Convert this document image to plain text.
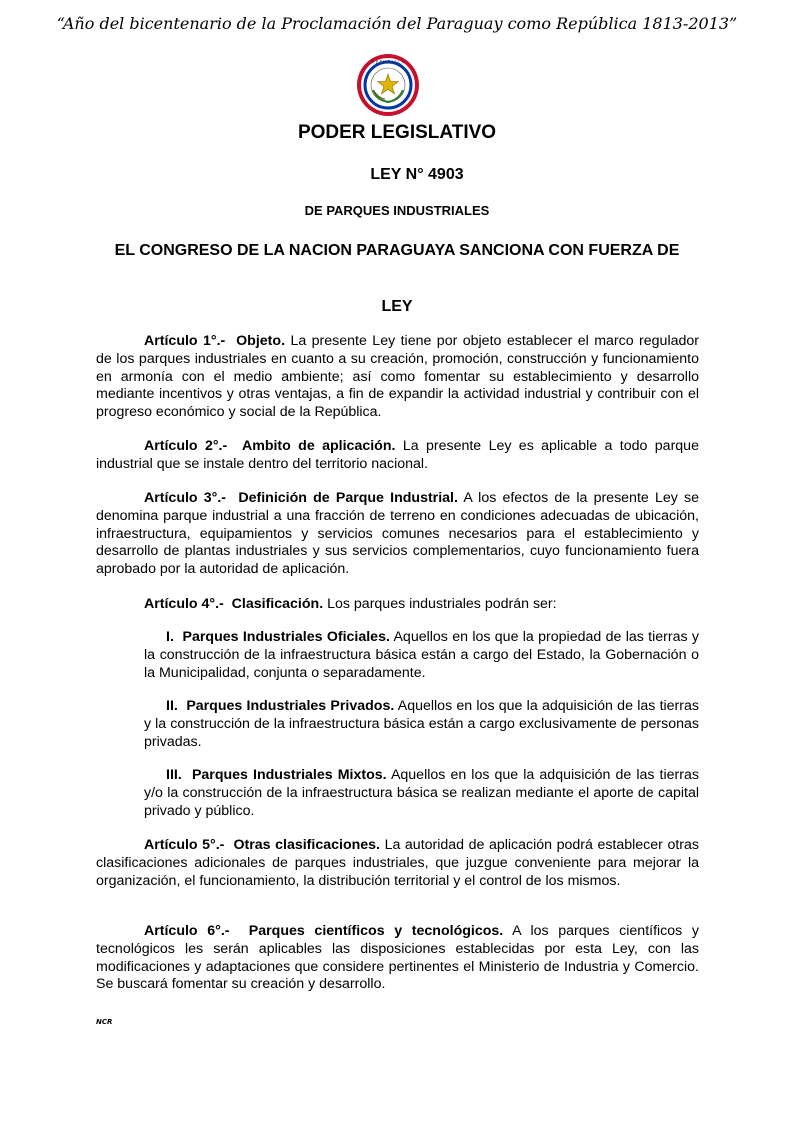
“Año del bicentenario de la Proclamación del Paraguay como República 1813-2013”
R E P U B L I C A
PODER LEGISLATIVO
LEY N° 4903
DE PARQUES INDUSTRIALES
EL CONGRESO DE LA NACION PARAGUAYA SANCIONA CON FUERZA DE
LEY

Artículo 1°.- Objeto. La presente Ley tiene por objeto establecer el marco regulador de los parques industriales en cuanto a su creación, promoción, construcción y funcionamiento en armonía con el medio ambiente; así como fomentar su establecimiento y desarrollo mediante incentivos y otras ventajas, a fin de expandir la actividad industrial y contribuir con el progreso económico y social de la República.

Artículo 2°.- Ambito de aplicación. La presente Ley es aplicable a todo parque industrial que se instale dentro del territorio nacional.

Artículo 3°.- Definición de Parque Industrial. A los efectos de la presente Ley se denomina parque industrial a una fracción de terreno en condiciones adecuadas de ubicación, infraestructura, equipamientos y servicios comunes necesarios para el establecimiento y desarrollo de plantas industriales y sus servicios complementarios, cuyo funcionamiento fuera aprobado por la autoridad de aplicación.

Artículo 4°.- Clasificación. Los parques industriales podrán ser:

I. Parques Industriales Oficiales. Aquellos en los que la propiedad de las tierras y la construcción de la infraestructura básica están a cargo del Estado, la Gobernación o la Municipalidad, conjunta o separadamente.

II. Parques Industriales Privados. Aquellos en los que la adquisición de las tierras y la construcción de la infraestructura básica están a cargo exclusivamente de personas privadas.

III. Parques Industriales Mixtos. Aquellos en los que la adquisición de las tierras y/o la construcción de la infraestructura básica se realizan mediante el aporte de capital privado y público.

Artículo 5°.- Otras clasificaciones. La autoridad de aplicación podrá establecer otras clasificaciones adicionales de parques industriales, que juzgue conveniente para mejorar la organización, el funcionamiento, la distribución territorial y el control de los mismos.

Artículo 6°.- Parques científicos y tecnológicos. A los parques científicos y tecnológicos les serán aplicables las disposiciones establecidas por esta Ley, con las modificaciones y adaptaciones que considere pertinentes el Ministerio de Industria y Comercio. Se buscará fomentar su creación y desarrollo.

NCR
